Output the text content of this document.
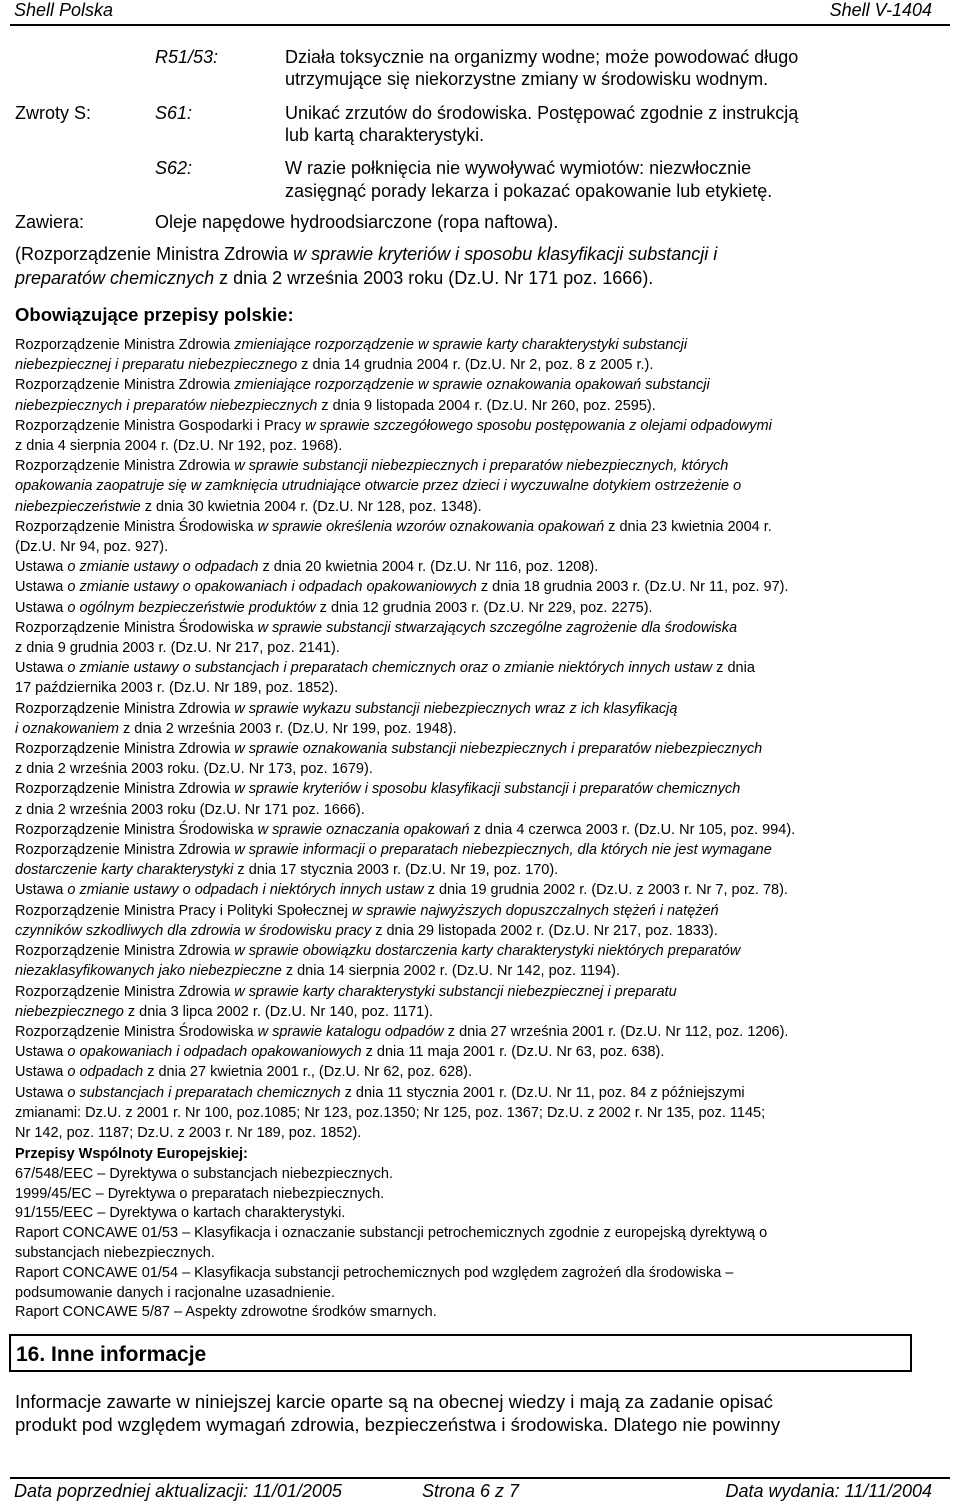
Shell Polska	Shell V-1404
R51/53:	Działa toksycznie na organizmy wodne; może powodować długo
utrzymujące się niekorzystne zmiany w środowisku wodnym.
Zwroty S:	S61:	Unikać zrzutów do środowiska. Postępować zgodnie z instrukcją
lub kartą charakterystyki.
S62:	W razie połknięcia nie wywoływać wymiotów: niezwłocznie
zasięgnąć porady lekarza i pokazać opakowanie lub etykietę.
Zawiera:	Oleje napędowe hydroodsiarczone (ropa naftowa).
(Rozporządzenie Ministra Zdrowia w sprawie kryteriów i sposobu klasyfikacji substancji i
preparatów chemicznych z dnia 2 września 2003 roku (Dz.U. Nr 171 poz. 1666).
Obowiązujące przepisy polskie:

Rozporządzenie Ministra Zdrowia zmieniające rozporządzenie w sprawie karty charakterystyki substancji

niebezpiecznej i preparatu niebezpiecznego z dnia 14 grudnia 2004 r. (Dz.U. Nr 2, poz. 8 z 2005 r.).

Rozporządzenie Ministra Zdrowia zmieniające rozporządzenie w sprawie oznakowania opakowań substancji

niebezpiecznych i preparatów niebezpiecznych z dnia 9 listopada 2004 r. (Dz.U. Nr 260, poz. 2595).

Rozporządzenie Ministra Gospodarki i Pracy w sprawie szczegółowego sposobu postępowania z olejami odpadowymi

z dnia 4 sierpnia 2004 r. (Dz.U. Nr 192, poz. 1968).

Rozporządzenie Ministra Zdrowia w sprawie substancji niebezpiecznych i preparatów niebezpiecznych, których

opakowania zaopatruje się w zamknięcia utrudniające otwarcie przez dzieci i wyczuwalne dotykiem ostrzeżenie o

niebezpieczeństwie z dnia 30 kwietnia 2004 r. (Dz.U. Nr 128, poz. 1348).

Rozporządzenie Ministra Środowiska w sprawie określenia wzorów oznakowania opakowań z dnia 23 kwietnia 2004 r.

(Dz.U. Nr 94, poz. 927).

Ustawa o zmianie ustawy o odpadach z dnia 20 kwietnia 2004 r. (Dz.U. Nr 116, poz. 1208).

Ustawa o zmianie ustawy o opakowaniach i odpadach opakowaniowych z dnia 18 grudnia 2003 r. (Dz.U. Nr 11, poz. 97).

Ustawa o ogólnym bezpieczeństwie produktów z dnia 12 grudnia 2003 r. (Dz.U. Nr 229, poz. 2275).

Rozporządzenie Ministra Środowiska w sprawie substancji stwarzających szczególne zagrożenie dla środowiska

z dnia 9 grudnia 2003 r. (Dz.U. Nr 217, poz. 2141).

Ustawa o zmianie ustawy o substancjach i preparatach chemicznych oraz o zmianie niektórych innych ustaw z dnia

17 października 2003 r. (Dz.U. Nr 189, poz. 1852).

Rozporządzenie Ministra Zdrowia w sprawie wykazu substancji niebezpiecznych wraz z ich klasyfikacją

i oznakowaniem z dnia 2 września 2003 r. (Dz.U. Nr 199, poz. 1948).

Rozporządzenie Ministra Zdrowia w sprawie oznakowania substancji niebezpiecznych i preparatów niebezpiecznych

z dnia 2 września 2003 roku. (Dz.U. Nr 173, poz. 1679).

Rozporządzenie Ministra Zdrowia w sprawie kryteriów i sposobu klasyfikacji substancji i preparatów chemicznych

z dnia 2 września 2003 roku (Dz.U. Nr 171 poz. 1666).

Rozporządzenie Ministra Środowiska w sprawie oznaczania opakowań z dnia 4 czerwca 2003 r. (Dz.U. Nr 105, poz. 994).

Rozporządzenie Ministra Zdrowia w sprawie informacji o preparatach niebezpiecznych, dla których nie jest wymagane

dostarczenie karty charakterystyki z dnia 17 stycznia 2003 r. (Dz.U. Nr 19, poz. 170).

Ustawa o zmianie ustawy o odpadach i niektórych innych ustaw z dnia 19 grudnia 2002 r. (Dz.U. z 2003 r. Nr 7, poz. 78).

Rozporządzenie Ministra Pracy i Polityki Społecznej w sprawie najwyższych dopuszczalnych stężeń i natężeń

czynników szkodliwych dla zdrowia w środowisku pracy z dnia 29 listopada 2002 r. (Dz.U. Nr 217, poz. 1833).

Rozporządzenie Ministra Zdrowia w sprawie obowiązku dostarczenia karty charakterystyki niektórych preparatów

niezaklasyfikowanych jako niebezpieczne z dnia 14 sierpnia 2002 r. (Dz.U. Nr 142, poz. 1194).

Rozporządzenie Ministra Zdrowia w sprawie karty charakterystyki substancji niebezpiecznej i preparatu

niebezpiecznego z dnia 3 lipca 2002 r. (Dz.U. Nr 140, poz. 1171).

Rozporządzenie Ministra Środowiska w sprawie katalogu odpadów z dnia 27 września 2001 r. (Dz.U. Nr 112, poz. 1206).

Ustawa o opakowaniach i odpadach opakowaniowych z dnia 11 maja 2001 r. (Dz.U. Nr 63, poz. 638).

Ustawa o odpadach z dnia 27 kwietnia 2001 r., (Dz.U. Nr 62, poz. 628).

Ustawa o substancjach i preparatach chemicznych z dnia 11 stycznia 2001 r. (Dz.U. Nr 11, poz. 84 z późniejszymi

zmianami: Dz.U. z 2001 r. Nr 100, poz.1085; Nr 123, poz.1350; Nr 125, poz. 1367; Dz.U. z 2002 r. Nr 135, poz. 1145;

Nr 142, poz. 1187; Dz.U. z 2003 r. Nr 189, poz. 1852).

Przepisy Wspólnoty Europejskiej:

67/548/EEC – Dyrektywa o substancjach niebezpiecznych.

1999/45/EC – Dyrektywa o preparatach niebezpiecznych.

91/155/EEC – Dyrektywa o kartach charakterystyki.

Raport CONCAWE 01/53 – Klasyfikacja i oznaczanie substancji petrochemicznych zgodnie z europejską dyrektywą o

substancjach niebezpiecznych.

Raport CONCAWE 01/54 – Klasyfikacja substancji petrochemicznych pod względem zagrożeń dla środowiska –

podsumowanie danych i racjonalne uzasadnienie.

Raport CONCAWE 5/87 – Aspekty zdrowotne środków smarnych.

16. Inne informacje

Informacje zawarte w niniejszej karcie oparte są na obecnej wiedzy i mają za zadanie opisać

produkt pod względem wymagań zdrowia, bezpieczeństwa i środowiska. Dlatego nie powinny

Data poprzedniej aktualizacji: 11/01/2005	Strona 6 z 7	Data wydania: 11/11/2004
